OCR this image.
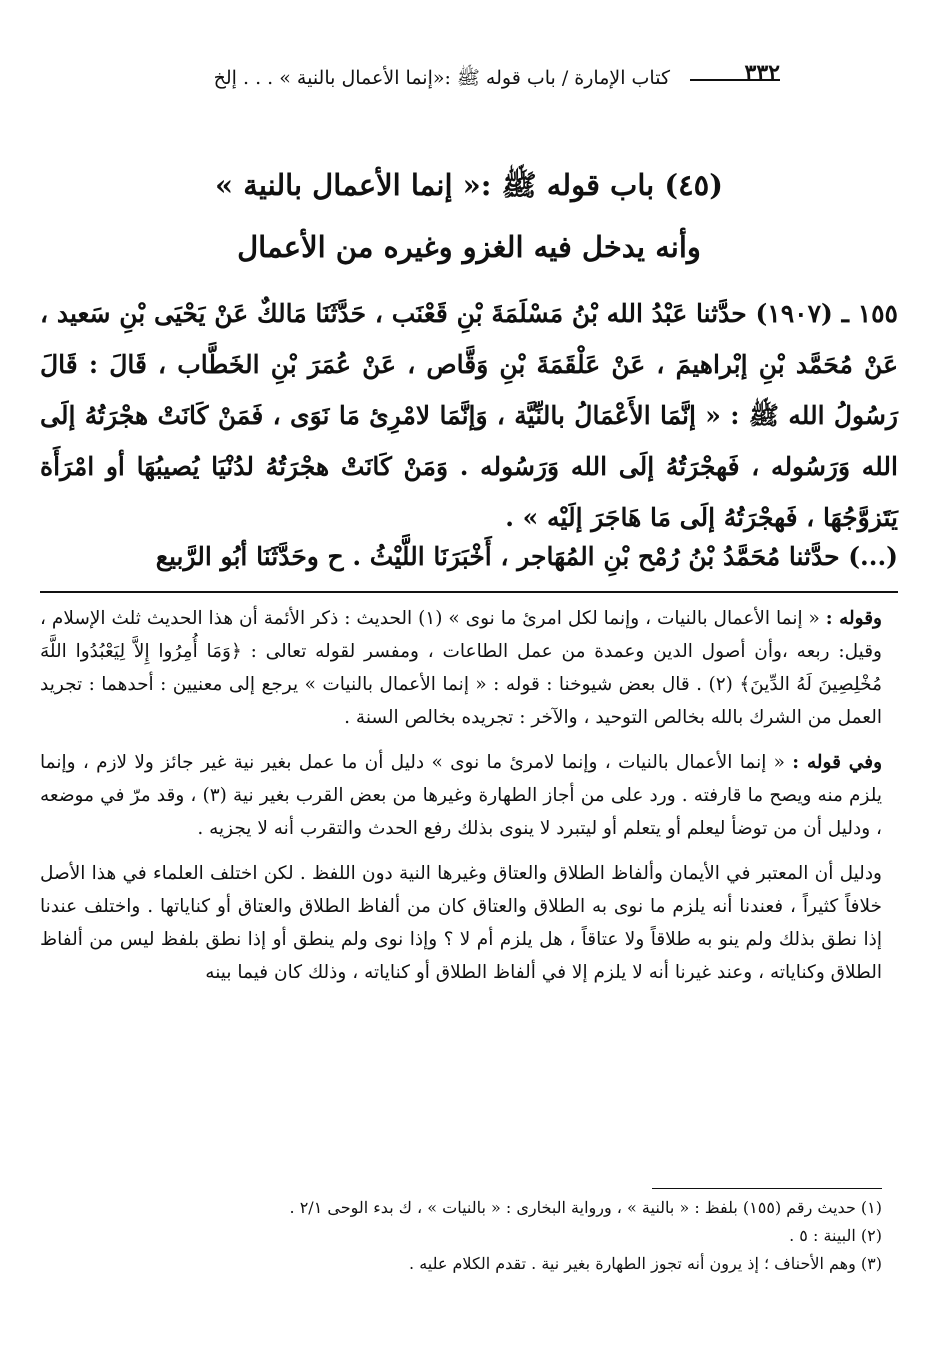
٣٣٢
كتاب الإمارة / باب قوله ﷺ :«إنما الأعمال بالنية » . . . إلخ
(٤٥) باب قوله ﷺ :« إنما الأعمال بالنية »
وأنه يدخل فيه الغزو وغيره من الأعمال

١٥٥ ـ (١٩٠٧) حدَّثنا عَبْدُ الله بْنُ مَسْلَمَةَ بْنِ قَعْنَب ، حَدَّثَنَا مَالكٌ عَنْ يَحْيَى بْنِ سَعيد ، عَنْ مُحَمَّد بْنِ إبْراهيمَ ، عَنْ عَلْقَمَةَ بْنِ وَقَّاص ، عَنْ عُمَرَ بْنِ الخَطَّاب ، قَالَ : قَالَ رَسُولُ الله ﷺ : « إنَّمَا الأَعْمَالُ بالنِّيَّة ، وَإنَّمَا لامْرِئ مَا نَوَى ، فَمَنْ كَانَتْ هجْرَتُهُ إلَى الله وَرَسُوله ، فَهجْرَتُهُ إلَى الله وَرَسُوله . وَمَنْ كَانَتْ هجْرَتُهُ لدُنْيَا يُصيبُهَا أو امْرَأَة يَتَزوَّجُهَا ، فَهجْرَتُهُ إلَى مَا هَاجَرَ إلَيْه » .

(...) حدَّثنا مُحَمَّدُ بْنُ رُمْح بْنِ المُهَاجر ، أَخْبَرَنَا اللَّيْثُ . ح وحَدَّثَنَا أبُو الرَّبيع

وقوله : « إنما الأعمال بالنيات ، وإنما لكل امرئ ما نوى » (١) الحديث : ذكر الأئمة أن هذا الحديث ثلث الإسلام ، وقيل: ربعه ،وأن أصول الدين وعمدة من عمل الطاعات ، ومفسر لقوله تعالى : ﴿وَمَا أُمِرُوا إِلاَّ لِيَعْبُدُوا اللَّهَ مُخْلِصِينَ لَهُ الدِّينَ﴾ (٢) . قال بعض شيوخنا : قوله : « إنما الأعمال بالنيات » يرجع إلى معنيين : أحدهما : تجريد العمل من الشرك بالله بخالص التوحيد ، والآخر : تجريده بخالص السنة .

وفي قوله : « إنما الأعمال بالنيات ، وإنما لامرئ ما نوى » دليل أن ما عمل بغير نية غير جائز ولا لازم ، وإنما يلزم منه ويصح ما قارفته . ورد على من أجاز الطهارة وغيرها من بعض القرب بغير نية (٣) ، وقد مرّ في موضعه ، ودليل أن من توضأ ليعلم أو يتعلم أو ليتبرد لا ينوى بذلك رفع الحدث والتقرب أنه لا يجزيه .

ودليل أن المعتبر في الأيمان وألفاظ الطلاق والعتاق وغيرها النية دون اللفظ . لكن اختلف العلماء في هذا الأصل خلافاً كثيراً ، فعندنا أنه يلزم ما نوى به الطلاق والعتاق كان من ألفاظ الطلاق والعتاق أو كناياتها . واختلف عندنا إذا نطق بذلك ولم ينو به طلاقاً ولا عتاقاً ، هل يلزم أم لا ؟ وإذا نوى ولم ينطق أو إذا نطق بلفظ ليس من ألفاظ الطلاق وكناياته ، وعند غيرنا أنه لا يلزم إلا في ألفاظ الطلاق أو كناياته ، وذلك كان فيما بينه

(١) حديث رقم (١٥٥) بلفظ : « بالنية » ، ورواية البخارى : « بالنيات » ، ك بدء الوحى ٢/١ .
(٢) البينة : ٥ .
(٣) وهم الأحناف ؛ إذ يرون أنه تجوز الطهارة بغير نية . تقدم الكلام عليه .
